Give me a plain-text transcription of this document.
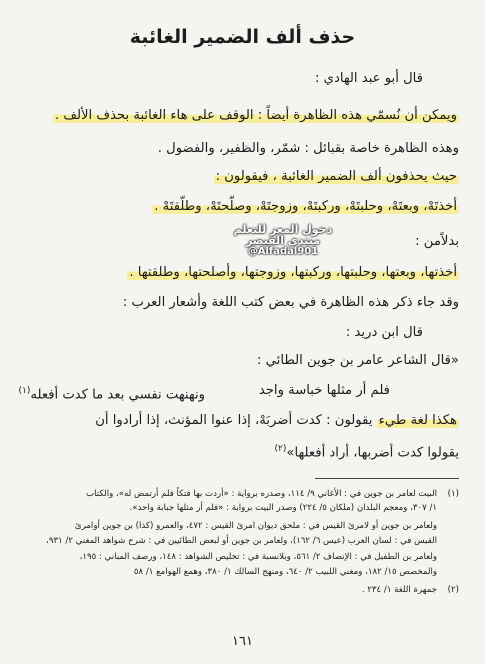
حذف ألف الضمير الغائبة
قال أبو عبد الهادي :
ويمكن أن نُسمّي هذه الظاهرة أيضاً : الوقف على هاء الغائبة بحذف الألف .
وهذه الظاهرة خاصة بقبائل : شمّر، والظفير، والفضول .
حيث يحذفون ألف الضمير الغائبة ، فيقولون :
أخذتَهْ، وبعتَهْ، وحلبتَهْ، وركبتَهْ، وزوجتَهْ، وصلّحتَهْ، وطلّقتَهْ .
بدلاًمن :
أخذتها، وبعتها، وحلبتها، وركبتها، وزوجتها، وأصلحتها، وطلقتها .
وقد جاء ذكر هذه الظاهرة في بعض كتب اللغة وأشعار العرب :
قال ابن دريد :
«قال الشاعر عامر بن جوين الطائي :
فلم أر مثلها خباسة واجد
ونهنهت نفسي بعد ما كدت أفعله$^{(١)}$
هكذا لغة طيء يقولون : كدت أضربَهْ، إذا عنوا المؤنث، إذا أرادوا أن
يقولوا كدت أضربها، أراد أفعلها»$^{(٢)}$
دخول المعز للتعلم
منتدى القيصر
@Alfadal901
(١)البيت لعامر بن جوين في : الأغاني ٩/ ١١٤، وصدره برواية : «أردت بها فتكاً فلم أرتمض له»، والكتاب
١/ ٣٠٧، ومعجم البلدان (ملكان ٥/ ٢٢٤) وصدر البيت برواية : «فلم أر مثلها جبابة واحد».
ولعامر بن جوين أو لامرئ القيس في : ملحق ديوان امرئ القيس : ٤٧٢، والعمرو (كذا) بن جوين أوامرئ
القيس في : لسان العرب (عيس ٦/ ١٦٢)، ولعامر بن جوين أو لبعض الطائيين في : شرح شواهد المغني ٢/ ٩٣١،
ولعامر بن الطفيل في : الإنصاف ٢/ ٥٦١، وبلانسبة في : تخليص الشواهد : ١٤٨، ورصف المباني : ١٩٥،
والمخصص ١٥/ ١٨٢، ومغني اللبيب ٢/ ٦٤٠، ومنهج السالك ١/ ٣٨٠، وهمع الهوامع ١/ ٥٨
(٢)جمهرة اللغة ١/ ٢٣٤ .
١٦١
